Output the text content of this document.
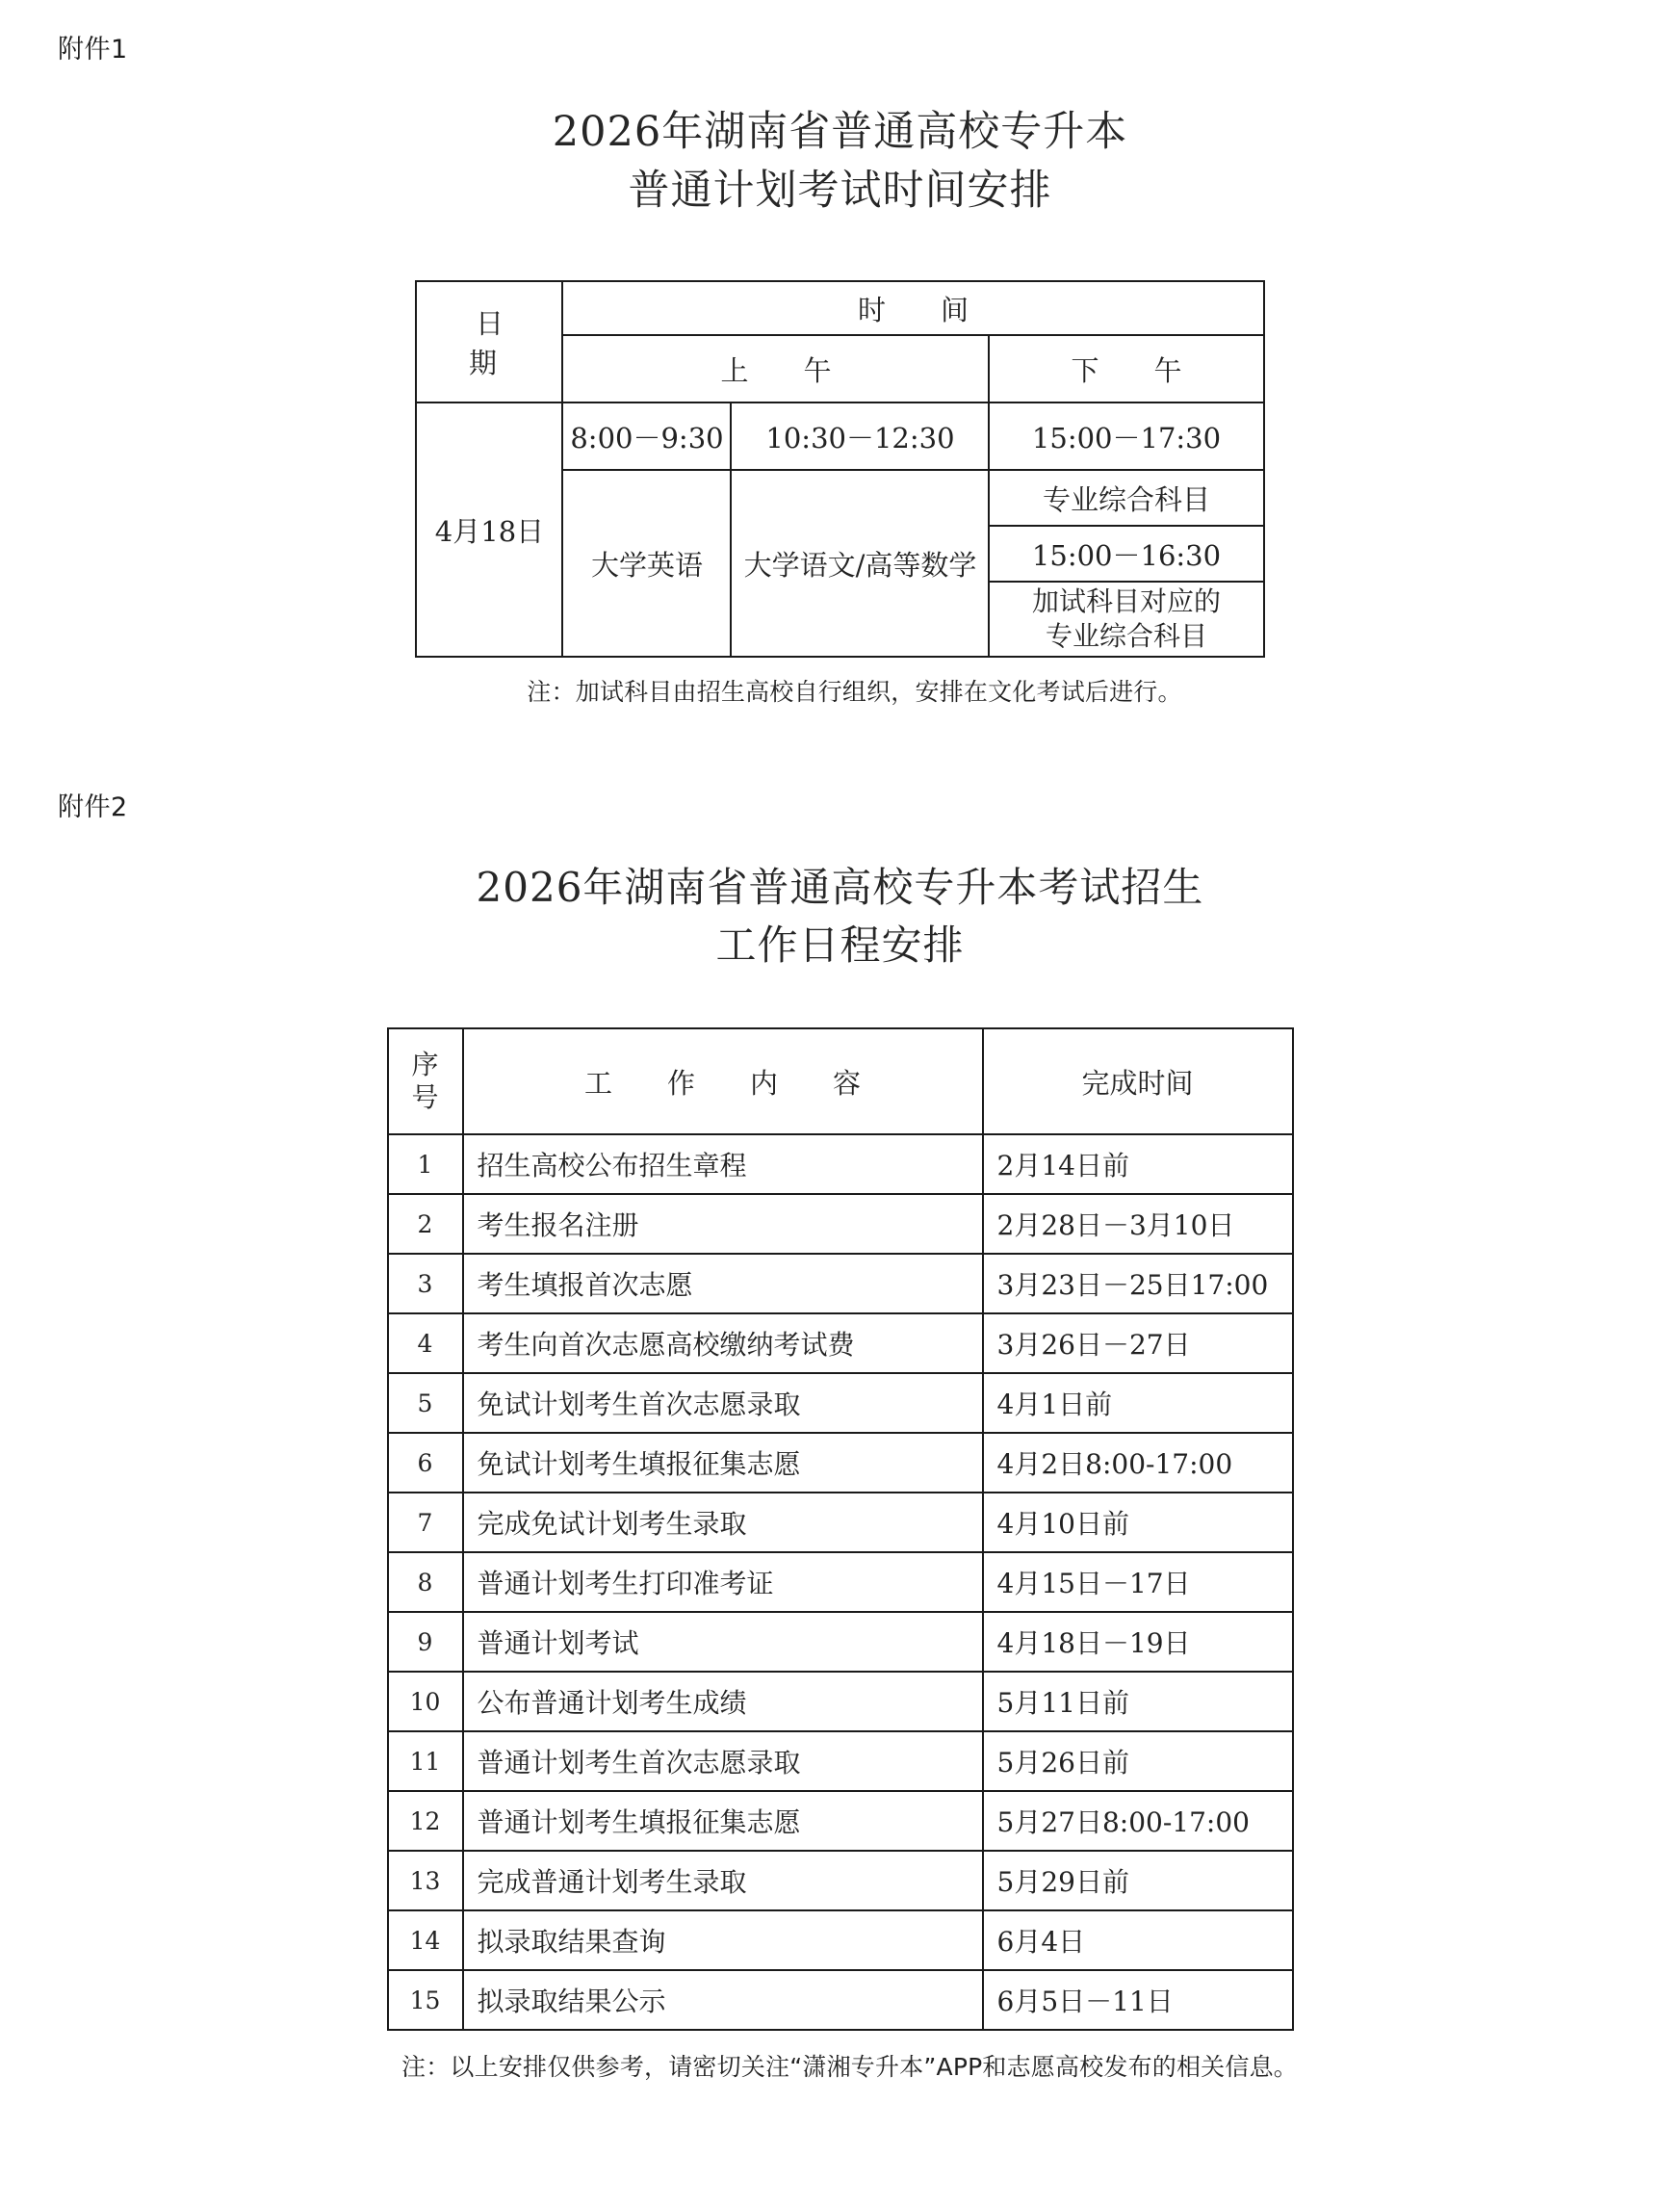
附件1
2026年湖南省普通高校专升本
普通计划考试时间安排
日　期	时　间		
	上　午		下　午
4月18日	8:00－9:30	10:30－12:30	15:00－17:30
	大学英语	大学语文/高等数学	专业综合科目
			15:00－16:30

			加试科目对应的
专业综合科目
注：加试科目由招生高校自行组织，安排在文化考试后进行。
附件2
2026年湖南省普通高校专升本考试招生
工作日程安排
序
号	工　作　内　容	完成时间
1	招生高校公布招生章程	2月14日前
2	考生报名注册	2月28日－3月10日
3	考生填报首次志愿	3月23日－25日17:00
4	考生向首次志愿高校缴纳考试费	3月26日－27日
5	免试计划考生首次志愿录取	4月1日前
6	免试计划考生填报征集志愿	4月2日8:00-17:00
7	完成免试计划考生录取	4月10日前
8	普通计划考生打印准考证	4月15日－17日
9	普通计划考试	4月18日－19日
10	公布普通计划考生成绩	5月11日前
11	普通计划考生首次志愿录取	5月26日前
12	普通计划考生填报征集志愿	5月27日8:00-17:00
13	完成普通计划考生录取	5月29日前
14	拟录取结果查询	6月4日
15	拟录取结果公示	6月5日－11日
注：以上安排仅供参考，请密切关注“潇湘专升本”APP和志愿高校发布的相关信息。
